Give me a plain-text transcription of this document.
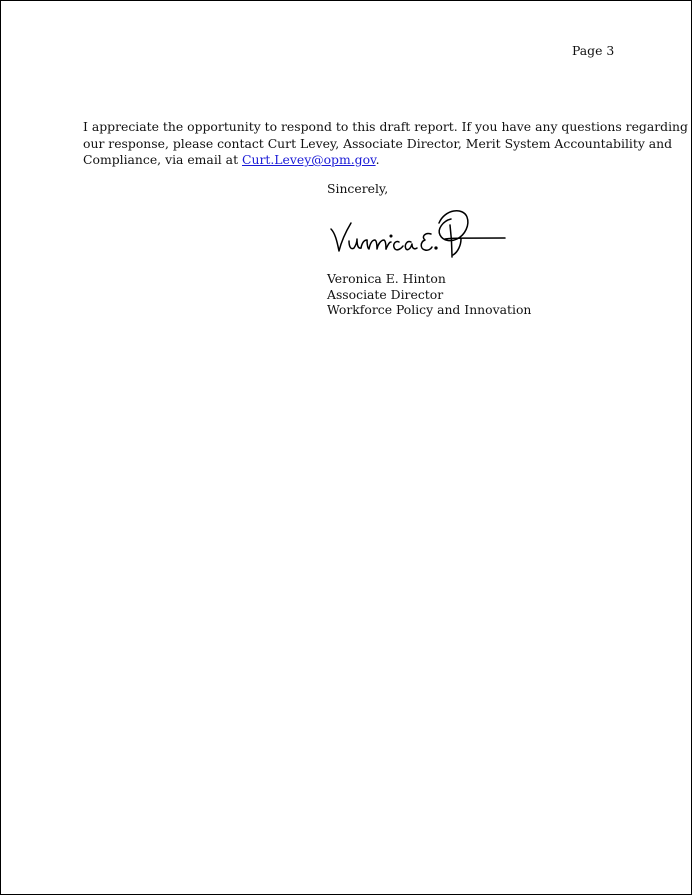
Page 3

I appreciate the opportunity to respond to this draft report. If you have any questions regarding
our response, please contact Curt Levey, Associate Director, Merit System Accountability and
Compliance, via email at Curt.Levey@opm.gov.

Sincerely,
Veronica E. Hinton
Associate Director
Workforce Policy and Innovation
